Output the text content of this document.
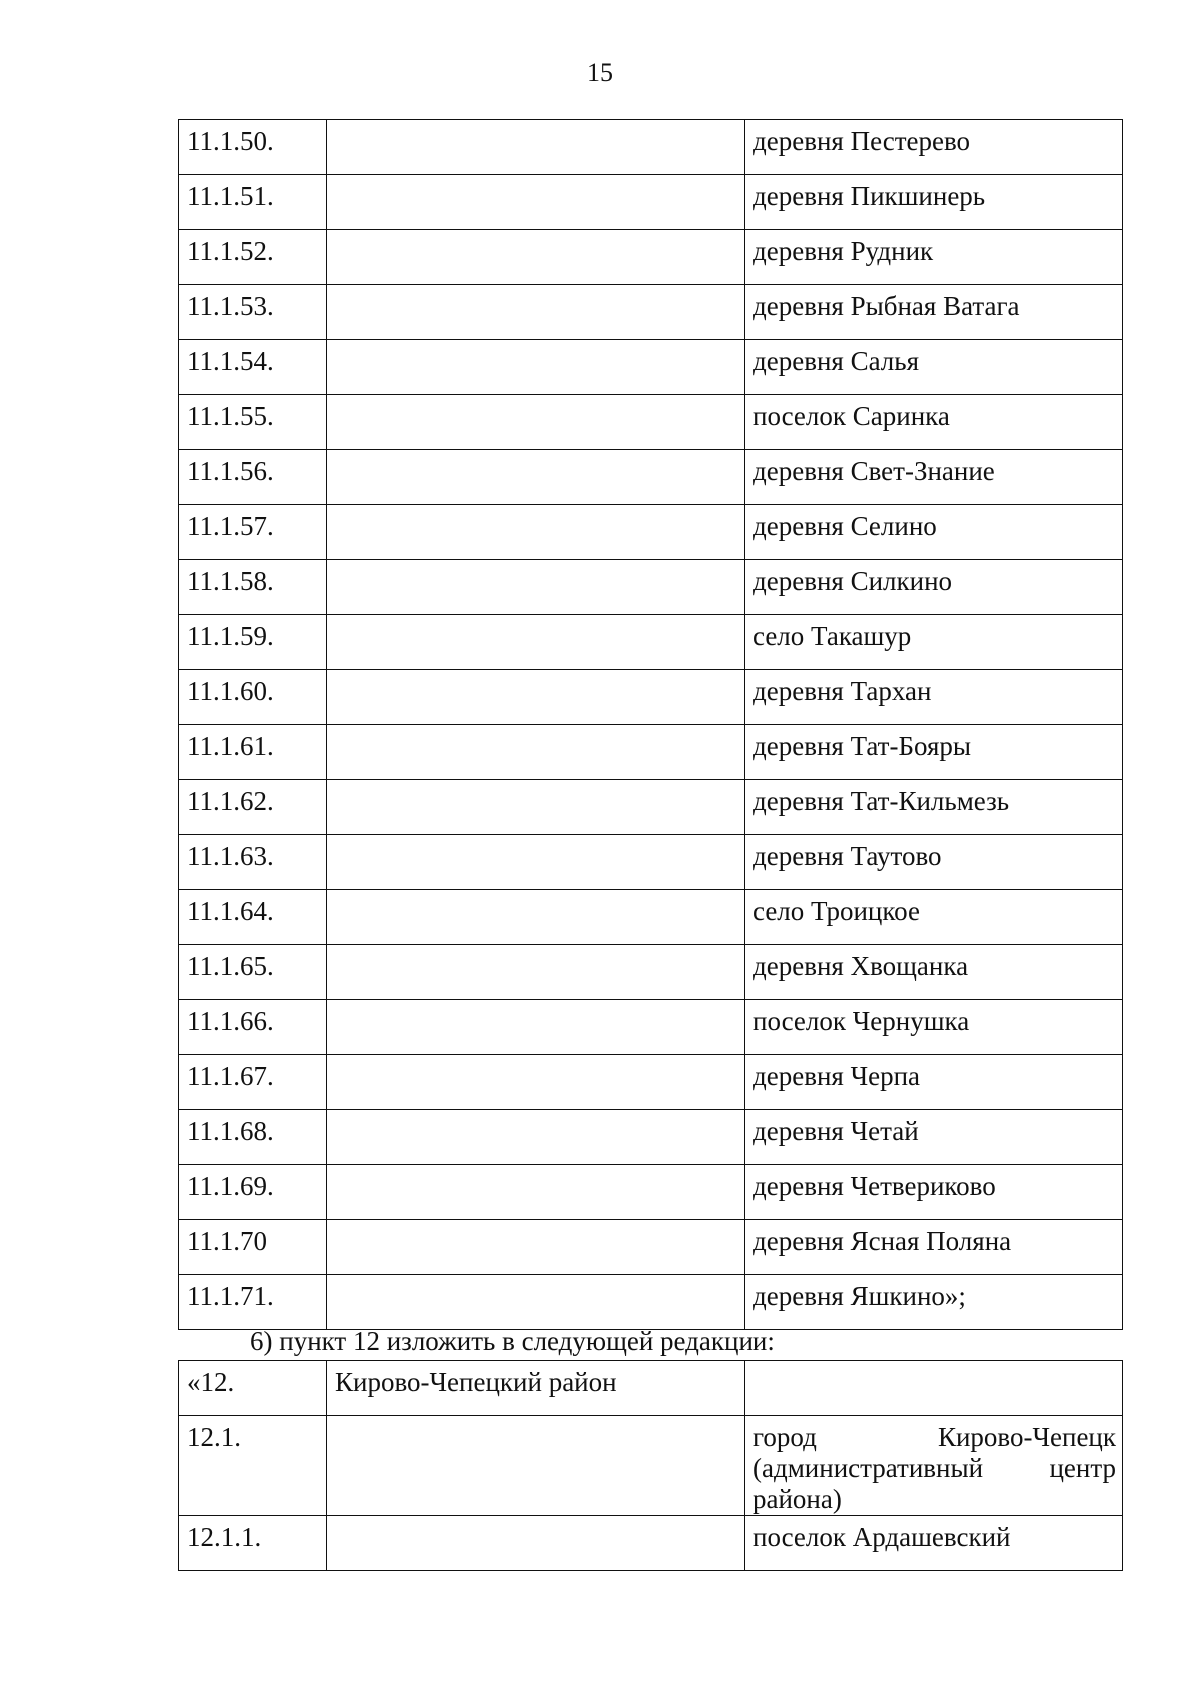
15
11.1.50.		деревня Пестерево
11.1.51.		деревня Пикшинерь
11.1.52.		деревня Рудник
11.1.53.		деревня Рыбная Ватага
11.1.54.		деревня Салья
11.1.55.		поселок Саринка
11.1.56.		деревня Свет-Знание
11.1.57.		деревня Селино
11.1.58.		деревня Силкино
11.1.59.		село Такашур
11.1.60.		деревня Тархан
11.1.61.		деревня Тат-Бояры
11.1.62.		деревня Тат-Кильмезь
11.1.63.		деревня Таутово
11.1.64.		село Троицкое
11.1.65.		деревня Хвощанка
11.1.66.		поселок Чернушка
11.1.67.		деревня Черпа
11.1.68.		деревня Четай
11.1.69.		деревня Четвериково
11.1.70		деревня Ясная Поляна
11.1.71.		деревня Яшкино»;
6) пункт 12 изложить в следующей редакции:
«12.	Кирово-Чепецкий район	
12.1.		город Кирово-Чепецк (административный центр района)
12.1.1.		поселок Ардашевский
